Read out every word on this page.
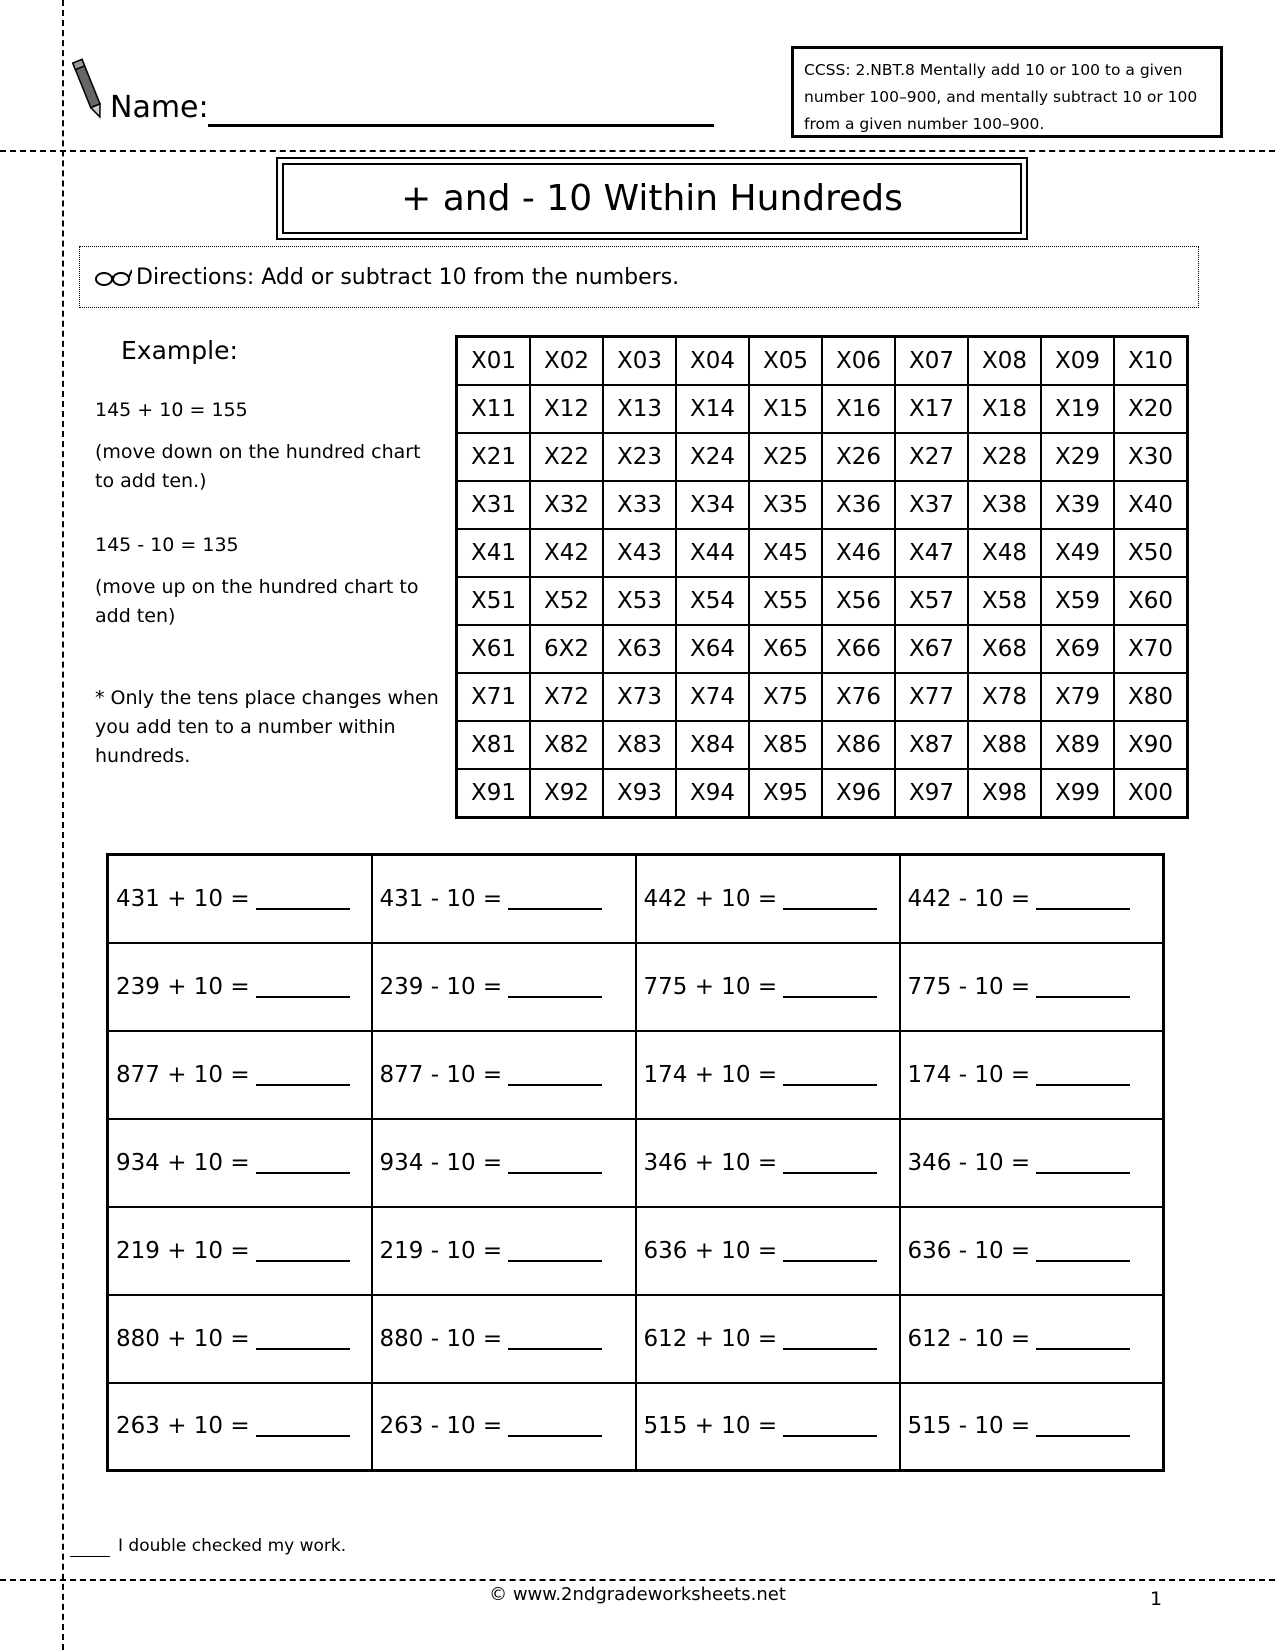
Name:
CCSS: 2.NBT.8 Mentally add 10 or 100 to a given
number 100–900, and mentally subtract 10 or 100
from a given number 100–900.
+ and - 10 Within Hundreds
Directions: Add or subtract 10 from the numbers.
Example:
145 + 10 = 155
(move down on the hundred chart to add ten.)
145 - 10 = 135
(move up on the hundred chart to add ten)
* Only the tens place changes when you add ten to a number within hundreds.
X01	X02	X03	X04	X05	X06	X07	X08	X09	X10
X11	X12	X13	X14	X15	X16	X17	X18	X19	X20
X21	X22	X23	X24	X25	X26	X27	X28	X29	X30
X31	X32	X33	X34	X35	X36	X37	X38	X39	X40
X41	X42	X43	X44	X45	X46	X47	X48	X49	X50
X51	X52	X53	X54	X55	X56	X57	X58	X59	X60
X61	6X2	X63	X64	X65	X66	X67	X68	X69	X70
X71	X72	X73	X74	X75	X76	X77	X78	X79	X80
X81	X82	X83	X84	X85	X86	X87	X88	X89	X90
X91	X92	X93	X94	X95	X96	X97	X98	X99	X00
431 + 10 =	431 - 10 =	442 + 10 =	442 - 10 =
239 + 10 =	239 - 10 =	775 + 10 =	775 - 10 =
877 + 10 =	877 - 10 =	174 + 10 =	174 - 10 =
934 + 10 =	934 - 10 =	346 + 10 =	346 - 10 =
219 + 10 =	219 - 10 =	636 + 10 =	636 - 10 =
880 + 10 =	880 - 10 =	612 + 10 =	612 - 10 =
263 + 10 =	263 - 10 =	515 + 10 =	515 - 10 =
I double checked my work.
© www.2ndgradeworksheets.net	1
